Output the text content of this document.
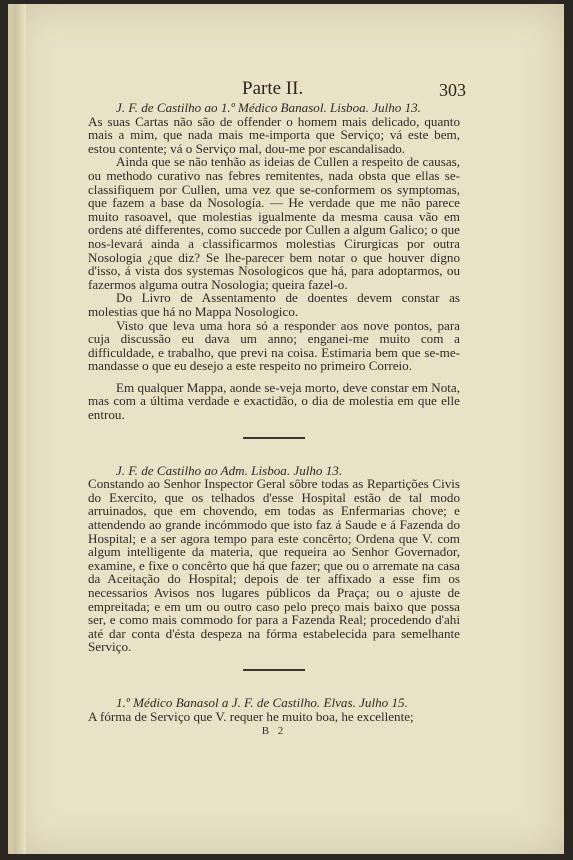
Parte II.	303

J. F. de Castilho ao 1.º Médico Banasol. Lisboa. Julho 13.

As suas Cartas não são de offender o homem mais delicado, quanto mais a mim, que nada mais me-importa que Serviço; vá este bem, estou contente; vá o Serviço mal, dou-me por escandalisado.

Ainda que se não tenhão as ideias de Cullen a respeito de causas, ou methodo curativo nas febres remitentes, nada obsta que ellas se-classifiquem por Cullen, uma vez que se-conformem os symptomas, que fazem a base da Nosología. — He verdade que me não parece muito rasoavel, que molestias igualmente da mesma causa vão em ordens até differentes, como succede por Cullen a algum Galico; o que nos-levará ainda a classificarmos molestias Cirurgicas por outra Nosologia ¿que diz? Se lhe-parecer bem notar o que houver digno d'isso, á vista dos systemas Nosologicos que há, para adoptarmos, ou fazermos alguma outra Nosologia; queira fazel-o.

Do Livro de Assentamento de doentes devem constar as molestias que há no Mappa Nosologico.

Visto que leva uma hora só a responder aos nove pontos, para cuja discussão eu dava um anno; enganei-me muito com a difficuldade, e trabalho, que previ na coisa. Estimaria bem que se-me-mandasse o que eu desejo a este respeito no primeiro Correio.

Em qualquer Mappa, aonde se-veja morto, deve constar em Nota, mas com a última verdade e exactidão, o dia de molestia em que elle entrou.

J. F. de Castilho ao Adm. Lisboa. Julho 13.

Constando ao Senhor Inspector Geral sôbre todas as Repartições Civis do Exercito, que os telhados d'esse Hospital estão de tal modo arruinados, que em chovendo, em todas as Enfermarias chove; e attendendo ao grande incómmodo que isto faz á Saude e á Fazenda do Hospital; e a ser agora tempo para este concêrto; Ordena que V. com algum intelligente da materia, que requeira ao Senhor Governador, examine, e fixe o concêrto que há que fazer; que ou o arremate na casa da Aceitação do Hospital; depois de ter affixado a esse fim os necessarios Avisos nos lugares públicos da Praça; ou o ajuste de empreitada; e em um ou outro caso pelo preço mais baixo que possa ser, e como mais commodo for para a Fazenda Real; procedendo d'ahi até dar conta d'ésta despeza na fórma estabelecida para semelhante Serviço.

1.º Médico Banasol a J. F. de Castilho. Elvas. Julho 15.

A fórma de Serviço que V. requer he muito boa, he excellente;

B 2
